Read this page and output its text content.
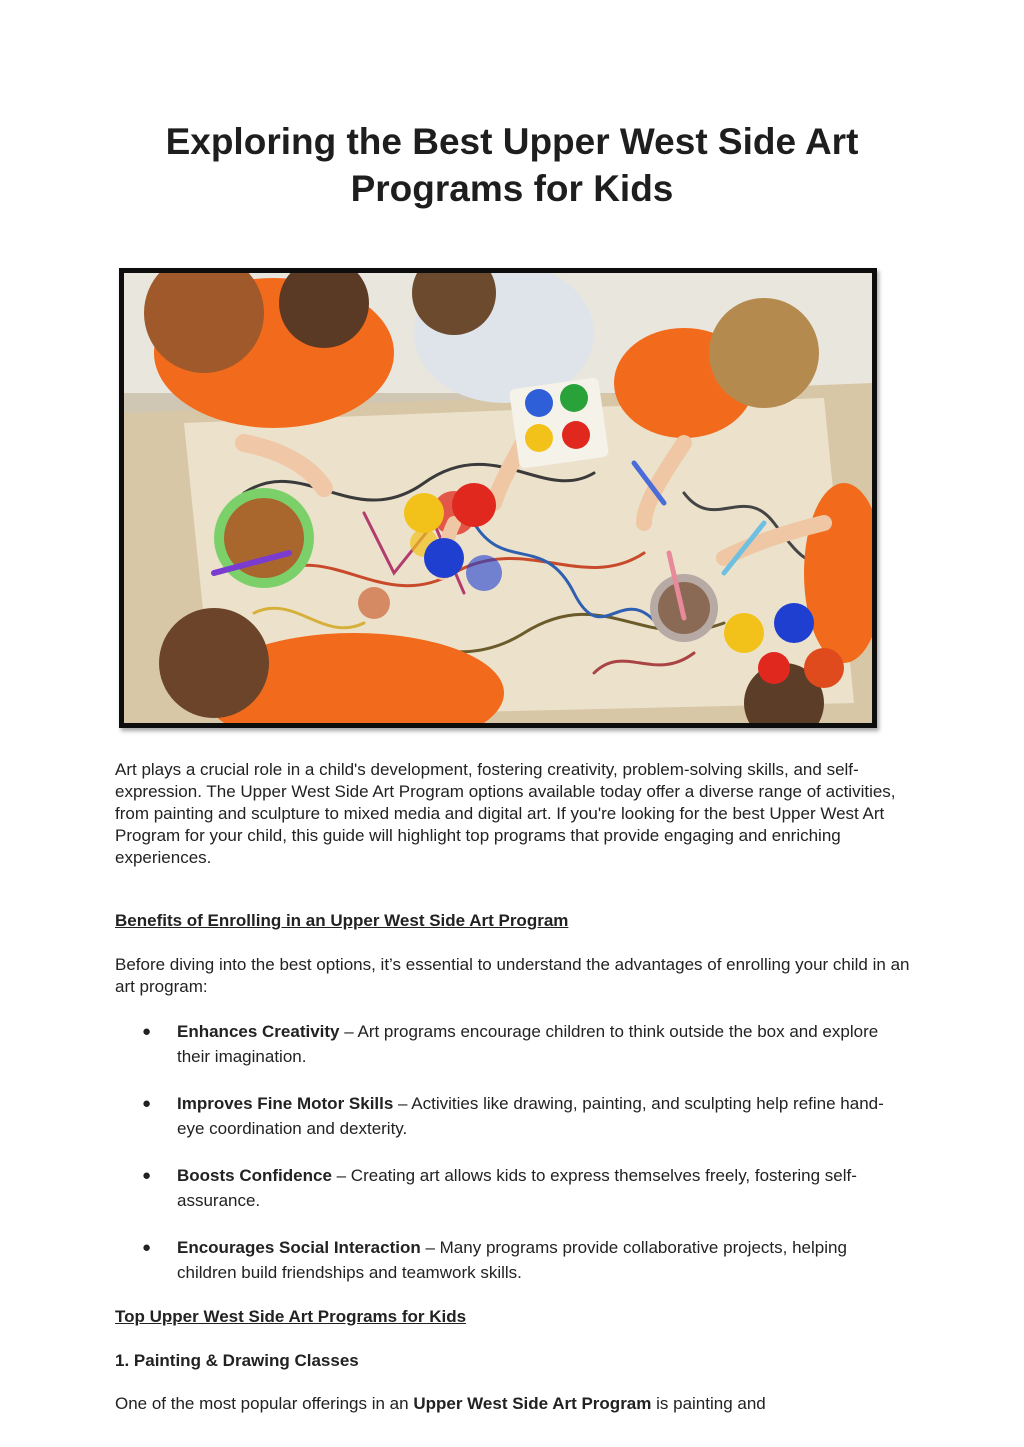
Exploring the Best Upper West Side Art
Programs for Kids

Art plays a crucial role in a child's development, fostering creativity, problem-solving skills, and self-expression. The Upper West Side Art Program options available today offer a diverse range of activities, from painting and sculpture to mixed media and digital art. If you're looking for the best Upper West Art Program for your child, this guide will highlight top programs that provide engaging and enriching experiences.

Benefits of Enrolling in an Upper West Side Art Program

Before diving into the best options, it’s essential to understand the advantages of enrolling your child in an art program:

● Enhances Creativity – Art programs encourage children to think outside the box and explore their imagination.
● Improves Fine Motor Skills – Activities like drawing, painting, and sculpting help refine hand-eye coordination and dexterity.
● Boosts Confidence – Creating art allows kids to express themselves freely, fostering self-assurance.
● Encourages Social Interaction – Many programs provide collaborative projects, helping children build friendships and teamwork skills.

Top Upper West Side Art Programs for Kids

1. Painting & Drawing Classes

One of the most popular offerings in an Upper West Side Art Program is painting and
